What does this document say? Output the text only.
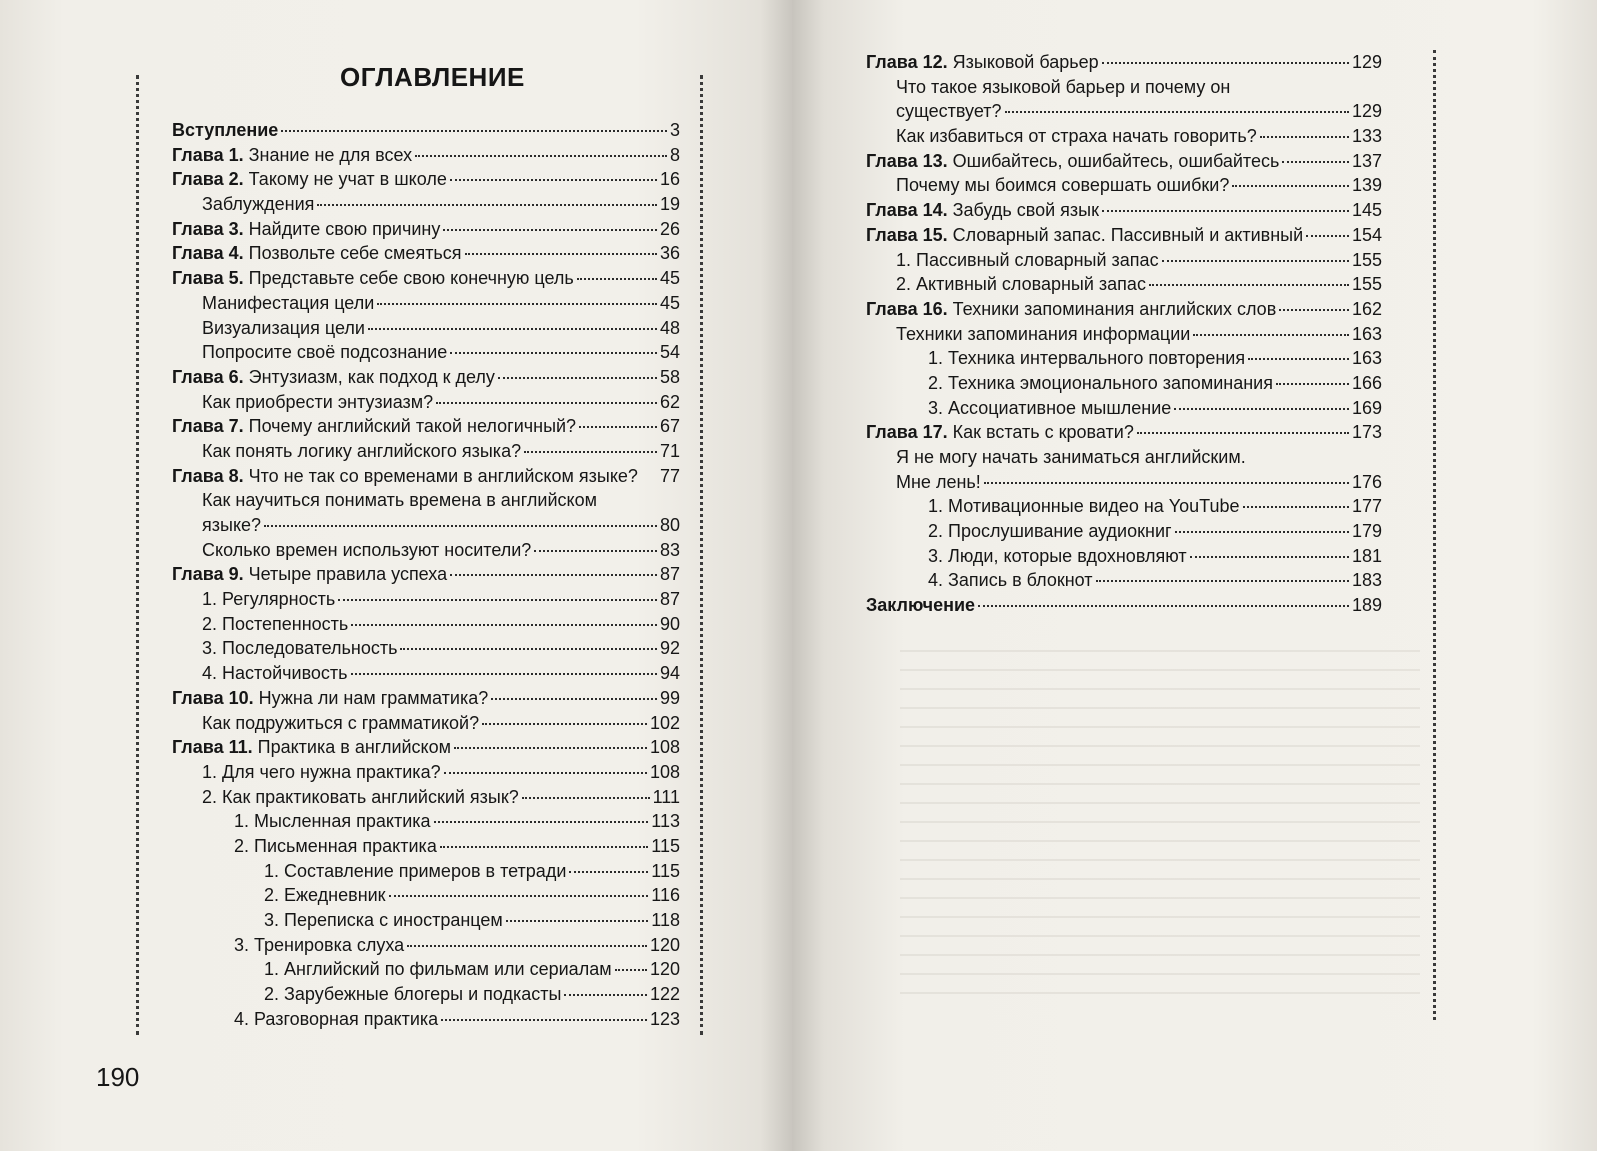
ОГЛАВЛЕНИЕ
Вступление	3
Глава 1. Знание не для всех	8
Глава 2. Такому не учат в школе	16
Заблуждения	19
Глава 3. Найдите свою причину	26
Глава 4. Позвольте себе смеяться	36
Глава 5. Представьте себе свою конечную цель	45
Манифестация цели	45
Визуализация цели	48
Попросите своё подсознание	54
Глава 6. Энтузиазм, как подход к делу	58
Как приобрести энтузиазм?	62
Глава 7. Почему английский такой нелогичный?	67
Как понять логику английского языка?	71
Глава 8. Что не так со временами в английском языке? 77
Как научиться понимать времена в английском
языке?	80
Сколько времен используют носители?	83
Глава 9. Четыре правила успеха	87
1. Регулярность	87
2. Постепенность	90
3. Последовательность	92
4. Настойчивость	94
Глава 10. Нужна ли нам грамматика?	99
Как подружиться с грамматикой?	102
Глава 11. Практика в английском	108
1. Для чего нужна практика?	108
2. Как практиковать английский язык?	111
1. Мысленная практика	113
2. Письменная практика	115
1. Составление примеров в тетради	115
2. Ежедневник	116
3. Переписка с иностранцем	118
3. Тренировка слуха	120
1. Английский по фильмам или сериалам 120
2. Зарубежные блогеры и подкасты	122
4. Разговорная практика	123

190

Глава 12. Языковой барьер	129
Что такое языковой барьер и почему он
существует?	129
Как избавиться от страха начать говорить?	133
Глава 13. Ошибайтесь, ошибайтесь, ошибайтесь	137
Почему мы боимся совершать ошибки?	139
Глава 14. Забудь свой язык	145
Глава 15. Словарный запас. Пассивный и активный	154
1. Пассивный словарный запас	155
2. Активный словарный запас	155
Глава 16. Техники запоминания английских слов	162
Техники запоминания информации	163
1. Техника интервального повторения	163
2. Техника эмоционального запоминания	166
3. Ассоциативное мышление	169
Глава 17. Как встать с кровати?	173
Я не могу начать заниматься английским.
Мне лень!	176
1. Мотивационные видео на YouTube	177
2. Прослушивание аудиокниг	179
3. Люди, которые вдохновляют	181
4. Запись в блокнот	183
Заключение	189
